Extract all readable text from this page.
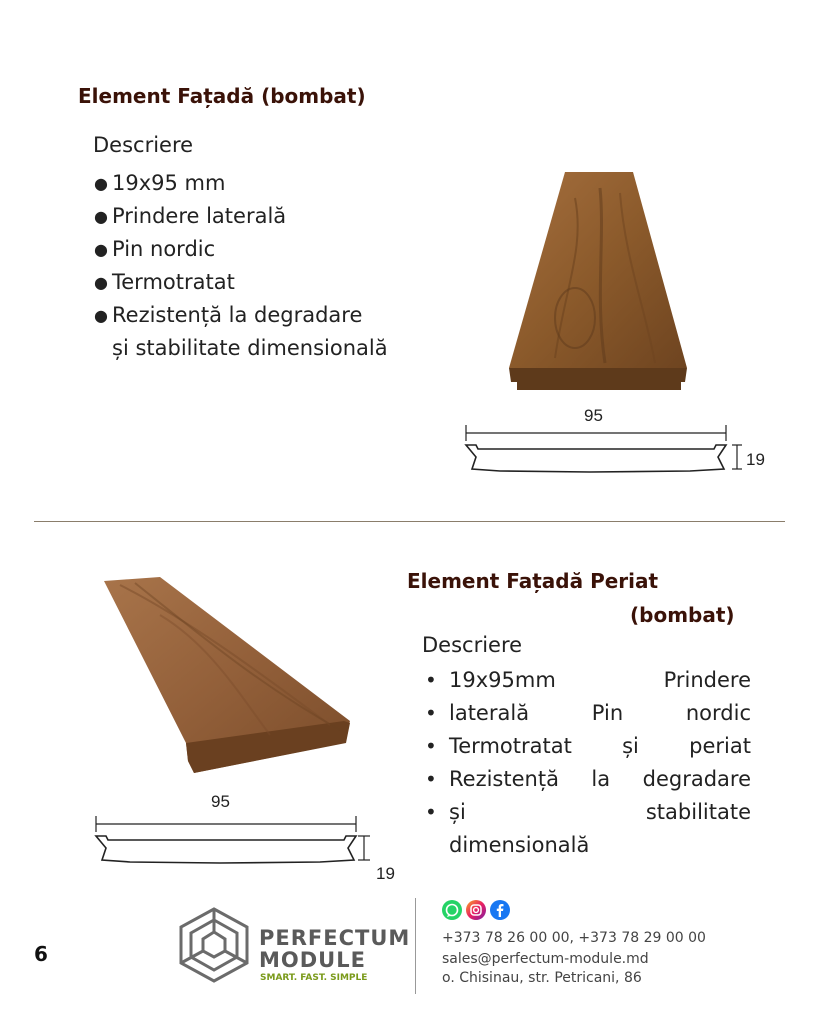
Element Fațadă (bombat)
Descriere
● 19x95 mm
● Prindere laterală
● Pin nordic
● Termotratat
● Rezistență la degradare
și stabilitate dimensională
95
19
95
19
Element Fațadă Periat
(bombat)
Descriere
• 19x95mm	Prindere
• laterală	Pin	nordic
• Termotratat și periat
• Rezistență la degradare
• și	stabilitate
dimensională
6
PERFECTUM
MODULE
SMART. FAST. SIMPLE
+373 78 26 00 00, +373 78 29 00 00
sales@perfectum-module.md
o. Chisinau, str. Petricani, 86
